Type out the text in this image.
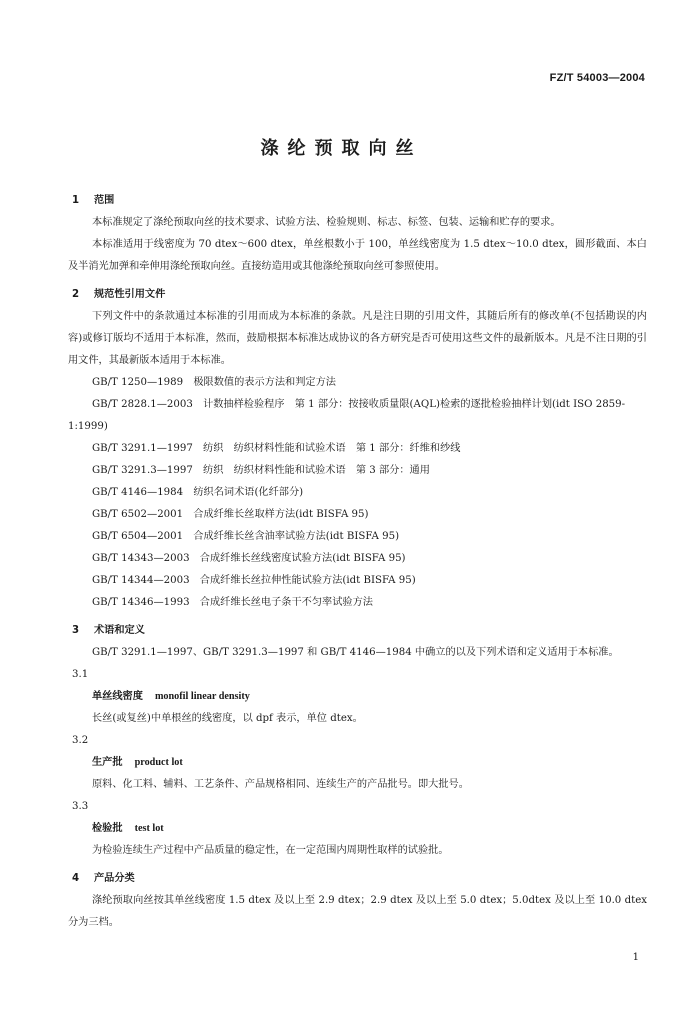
FZ/T 54003—2004
涤纶预取向丝
1 范围
本标准规定了涤纶预取向丝的技术要求、试验方法、检验规则、标志、标签、包装、运输和贮存的要求。
本标准适用于线密度为 70 dtex～600 dtex，单丝根数小于 100，单丝线密度为 1.5 dtex～10.0 dtex，圆形截面、本白及半消光加弹和牵伸用涤纶预取向丝。直接纺造用或其他涤纶预取向丝可参照使用。
2 规范性引用文件
下列文件中的条款通过本标准的引用而成为本标准的条款。凡是注日期的引用文件，其随后所有的修改单(不包括勘误的内容)或修订版均不适用于本标准，然而，鼓励根据本标准达成协议的各方研究是否可使用这些文件的最新版本。凡是不注日期的引用文件，其最新版本适用于本标准。
GB/T 1250—1989　极限数值的表示方法和判定方法
GB/T 2828.1—2003　计数抽样检验程序　第 1 部分：按接收质量限(AQL)检索的逐批检验抽样计划(idt ISO 2859-1:1999)
GB/T 3291.1—1997　纺织　纺织材料性能和试验术语　第 1 部分：纤维和纱线
GB/T 3291.3—1997　纺织　纺织材料性能和试验术语　第 3 部分：通用
GB/T 4146—1984　纺织名词术语(化纤部分)
GB/T 6502—2001　合成纤维长丝取样方法(idt BISFA 95)
GB/T 6504—2001　合成纤维长丝含油率试验方法(idt BISFA 95)
GB/T 14343—2003　合成纤维长丝线密度试验方法(idt BISFA 95)
GB/T 14344—2003　合成纤维长丝拉伸性能试验方法(idt BISFA 95)
GB/T 14346—1993　合成纤维长丝电子条干不匀率试验方法
3 术语和定义
GB/T 3291.1—1997、GB/T 3291.3—1997 和 GB/T 4146—1984 中确立的以及下列术语和定义适用于本标准。
3.1
单丝线密度 monofil linear density
长丝(或复丝)中单根丝的线密度，以 dpf 表示，单位 dtex。
3.2
生产批 product lot
原料、化工料、辅料、工艺条件、产品规格相同、连续生产的产品批号。即大批号。
3.3
检验批 test lot
为检验连续生产过程中产品质量的稳定性，在一定范围内周期性取样的试验批。
4 产品分类
涤纶预取向丝按其单丝线密度 1.5 dtex 及以上至 2.9 dtex；2.9 dtex 及以上至 5.0 dtex；5.0dtex 及以上至 10.0 dtex 分为三档。
1
